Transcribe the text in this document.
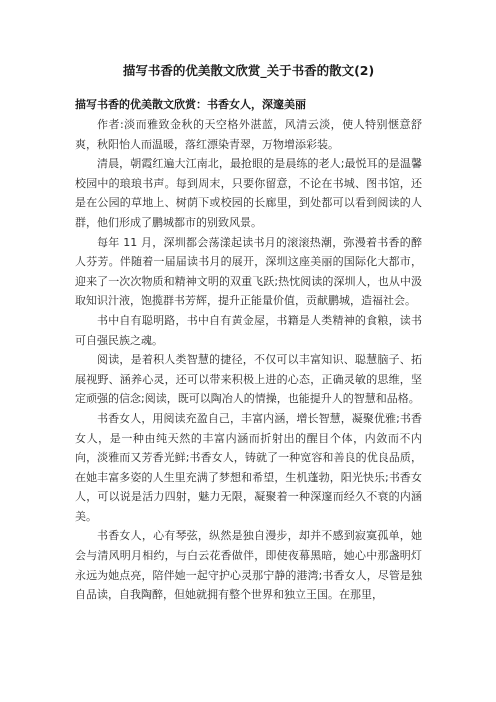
描写书香的优美散文欣赏_关于书香的散文(2)
描写书香的优美散文欣赏：书香女人，深邃美丽

作者:淡而雅致金秋的天空格外湛蓝，风清云淡，使人特别惬意舒爽，秋阳怡人而温暖，落红漂染青翠，万物增添彩装。

清晨，朝霞红遍大江南北，最抢眼的是晨练的老人;最悦耳的是温馨校园中的琅琅书声。每到周末，只要你留意，不论在书城、图书馆，还是在公园的草地上、树荫下或校园的长廊里，到处都可以看到阅读的人群，他们形成了鹏城都市的别致风景。

每年 11 月，深圳都会荡漾起读书月的滚滚热潮，弥漫着书香的醉人芬芳。伴随着一届届读书月的展开，深圳这座美丽的国际化大都市，迎来了一次次物质和精神文明的双重飞跃;热忱阅读的深圳人，也从中汲取知识汁液，饱揽群书芳辉，提升正能量价值，贡献鹏城，造福社会。

书中自有聪明路，书中自有黄金屋，书籍是人类精神的食粮，读书可自强民族之魂。

阅读，是着积人类智慧的捷径，不仅可以丰富知识、聪慧脑子、拓展视野、涵养心灵，还可以带来积极上进的心态，正确灵敏的思维，坚定顽强的信念;阅读，既可以陶冶人的情操，也能提升人的智慧和品格。

书香女人，用阅读充盈自己，丰富内涵，增长智慧，凝聚优雅;书香女人，是一种由纯天然的丰富内涵而折射出的醒目个体，内敛而不内向，淡雅而又芳香光鲜;书香女人，铸就了一种宽容和善良的优良品质，在她丰富多姿的人生里充满了梦想和希望，生机蓬勃，阳光快乐;书香女人，可以说是活力四射，魅力无限，凝聚着一种深邃而经久不衰的内涵美。

书香女人，心有琴弦，纵然是独自漫步，却并不感到寂寞孤单，她会与清风明月相约，与白云花香做伴，即使夜幕黑暗，她心中那盏明灯永远为她点亮，陪伴她一起守护心灵那宁静的港湾;书香女人，尽管是独自品读，自我陶醉，但她就拥有整个世界和独立王国。在那里，
